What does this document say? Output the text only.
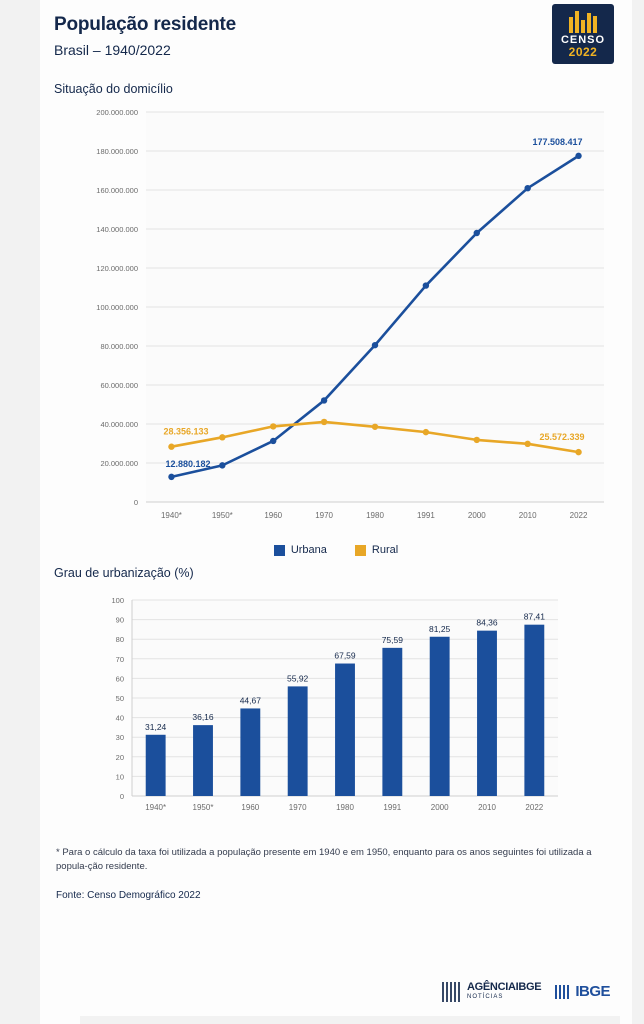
População residente
Brasil – 1940/2022
CENSO
2022
Situação do domicílio
0
20.000.000
40.000.000
60.000.000
80.000.000
100.000.000
120.000.000
140.000.000
160.000.000
180.000.000
200.000.000
1940*	1950*	1960	1970	1980	1991	2000	2010	2022
12.880.182
177.508.417
28.356.133
25.572.339
Urbana	Rural
Grau de urbanização (%)
0
10
20
30
40
50
60
70
80
90
100
31,24
1940*
36,16
1950*
44,67
1960
55,92
1970
67,59
1980
75,59
1991
81,25
2000
84,36
2010
87,41
2022
* Para o cálculo da taxa foi utilizada a população presente em 1940 e em 1950, enquanto para os anos seguintes foi utilizada a popula-ção residente.
Fonte: Censo Demográfico 2022
AGÊNCIAIBGE
NOTÍCIAS	IBGE
